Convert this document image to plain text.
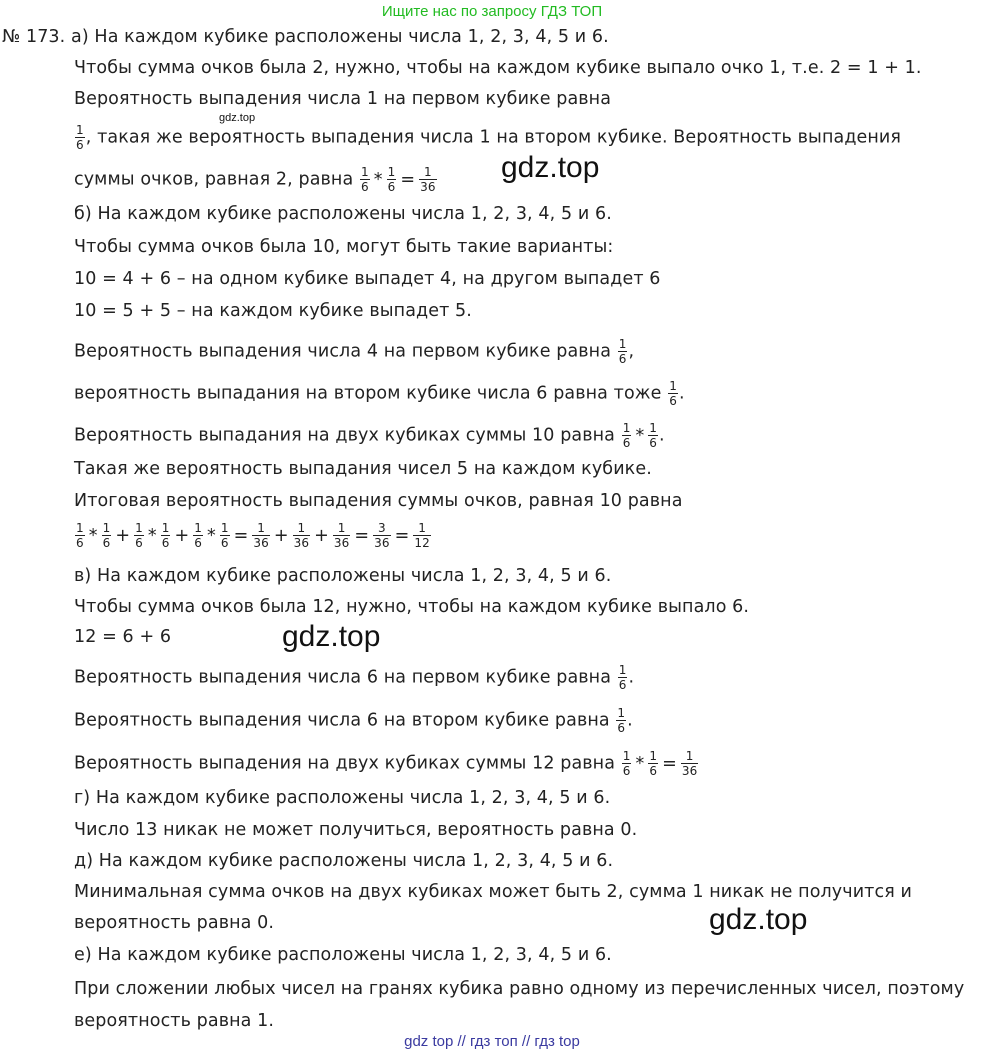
Ищите нас по запросу ГДЗ ТОП
№ 173. а) На каждом кубике расположены числа 1, 2, 3, 4, 5 и 6.
Чтобы сумма очков была 2, нужно, чтобы на каждом кубике выпало очко 1, т.е. 2 = 1 + 1.
Вероятность выпадения числа 1 на первом кубике равна
gdz.top
$\frac{1}{6}$ , такая же вероятность выпадения числа 1 на втором кубике. Вероятность выпадения
суммы очков, равная 2, равна $\frac{1}{6} * \frac{1}{6} = \frac{1}{36} gdz.top$
б) На каждом кубике расположены числа 1, 2, 3, 4, 5 и 6.
Чтобы сумма очков была 10, могут быть такие варианты:
10 = 4 + 6 – на одном кубике выпадет 4, на другом выпадет 6
10 = 5 + 5 – на каждом кубике выпадет 5.
Вероятность выпадения числа 4 на первом кубике равна $\frac{1}{6}$ ,
вероятность выпадания на втором кубике числа 6 равна тоже $\frac{1}{6}$ .
Вероятность выпадания на двух кубиках суммы 10 равна $\frac{1}{6} * \frac{1}{6}$ .
Такая же вероятность выпадания чисел 5 на каждом кубике.
Итоговая вероятность выпадения суммы очков, равная 10 равна
$\frac{1}{6} * \frac{1}{6} + \frac{1}{6} * \frac{1}{6} + \frac{1}{6} * \frac{1}{6} = \frac{1}{36} + \frac{1}{36} + \frac{1}{36} = \frac{3}{36} = \frac{1}{12}$
в) На каждом кубике расположены числа 1, 2, 3, 4, 5 и 6.
Чтобы сумма очков была 12, нужно, чтобы на каждом кубике выпало 6.
12 = 6 + 6	gdz.top
Вероятность выпадения числа 6 на первом кубике равна $\frac{1}{6}$ .
Вероятность выпадения числа 6 на втором кубике равна $\frac{1}{6}$ .
Вероятность выпадения на двух кубиках суммы 12 равна $\frac{1}{6} * \frac{1}{6} = \frac{1}{36}$
г) На каждом кубике расположены числа 1, 2, 3, 4, 5 и 6.
Число 13 никак не может получиться, вероятность равна 0.
д) На каждом кубике расположены числа 1, 2, 3, 4, 5 и 6.
Минимальная сумма очков на двух кубиках может быть 2, сумма 1 никак не получится и
вероятность равна 0.	gdz.top
е) На каждом кубике расположены числа 1, 2, 3, 4, 5 и 6.
При сложении любых чисел на гранях кубика равно одному из перечисленных чисел, поэтому
вероятность равна 1.
gdz top // гдз топ // гдз top
